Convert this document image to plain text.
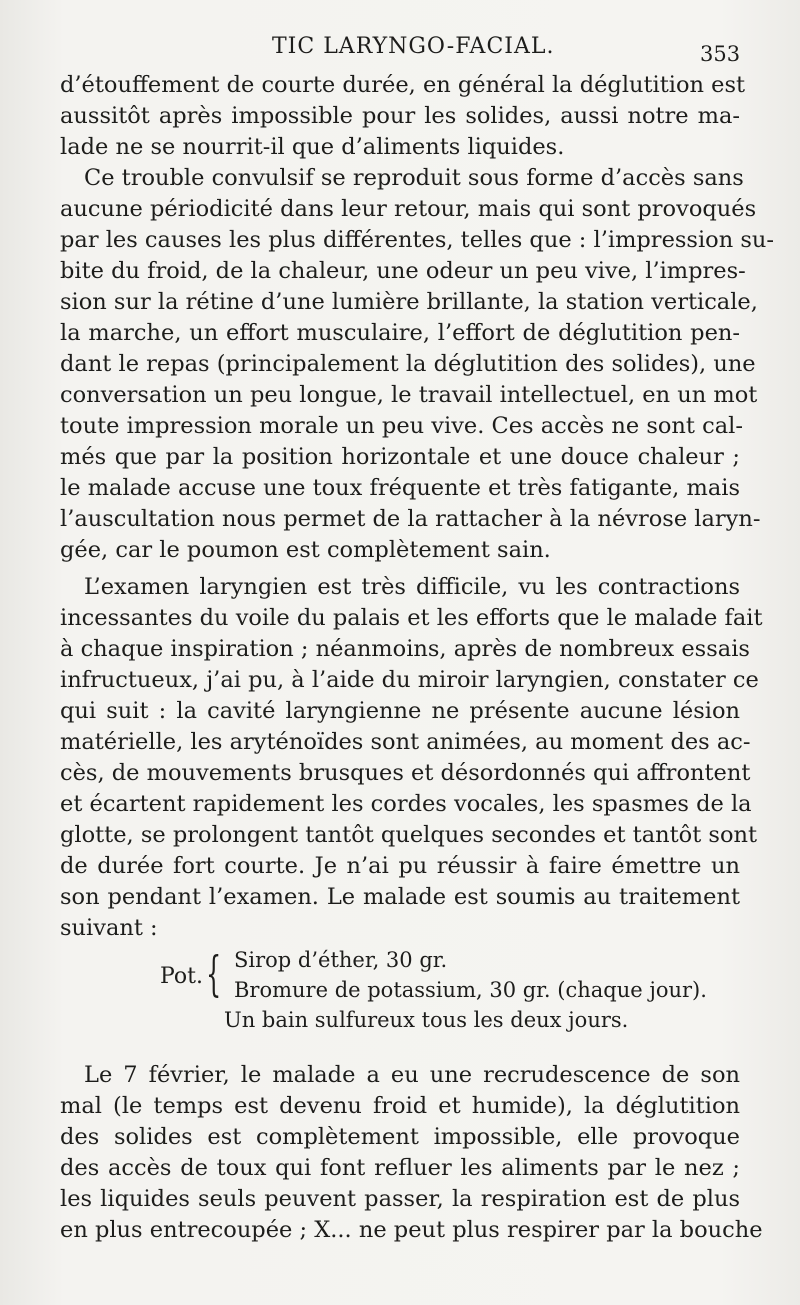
TIC LARYNGO-FACIAL.	353
d’étouffement de courte durée, en général la déglutition est
aussitôt après impossible pour les solides, aussi notre ma-
lade ne se nourrit-il que d’aliments liquides.
Ce trouble convulsif se reproduit sous forme d’accès sans
aucune périodicité dans leur retour, mais qui sont provoqués
par les causes les plus différentes, telles que : l’impression su-
bite du froid, de la chaleur, une odeur un peu vive, l’impres-
sion sur la rétine d’une lumière brillante, la station verticale,
la marche, un effort musculaire, l’effort de déglutition pen-
dant le repas (principalement la déglutition des solides), une
conversation un peu longue, le travail intellectuel, en un mot
toute impression morale un peu vive. Ces accès ne sont cal-
més que par la position horizontale et une douce chaleur ;
le malade accuse une toux fréquente et très fatigante, mais
l’auscultation nous permet de la rattacher à la névrose laryn-
gée, car le poumon est complètement sain.
L’examen laryngien est très difficile, vu les contractions
incessantes du voile du palais et les efforts que le malade fait
à chaque inspiration ; néanmoins, après de nombreux essais
infructueux, j’ai pu, à l’aide du miroir laryngien, constater ce
qui suit : la cavité laryngienne ne présente aucune lésion
matérielle, les aryténoïdes sont animées, au moment des ac-
cès, de mouvements brusques et désordonnés qui affrontent
et écartent rapidement les cordes vocales, les spasmes de la
glotte, se prolongent tantôt quelques secondes et tantôt sont
de durée fort courte. Je n’ai pu réussir à faire émettre un
son pendant l’examen. Le malade est soumis au traitement
suivant :
Pot. { Sirop d’éther, 30 gr.
Bromure de potassium, 30 gr. (chaque jour).
Un bain sulfureux tous les deux jours.
Le 7 février, le malade a eu une recrudescence de son
mal (le temps est devenu froid et humide), la déglutition
des solides est complètement impossible, elle provoque
des accès de toux qui font refluer les aliments par le nez ;
les liquides seuls peuvent passer, la respiration est de plus
en plus entrecoupée ; X... ne peut plus respirer par la bouche
